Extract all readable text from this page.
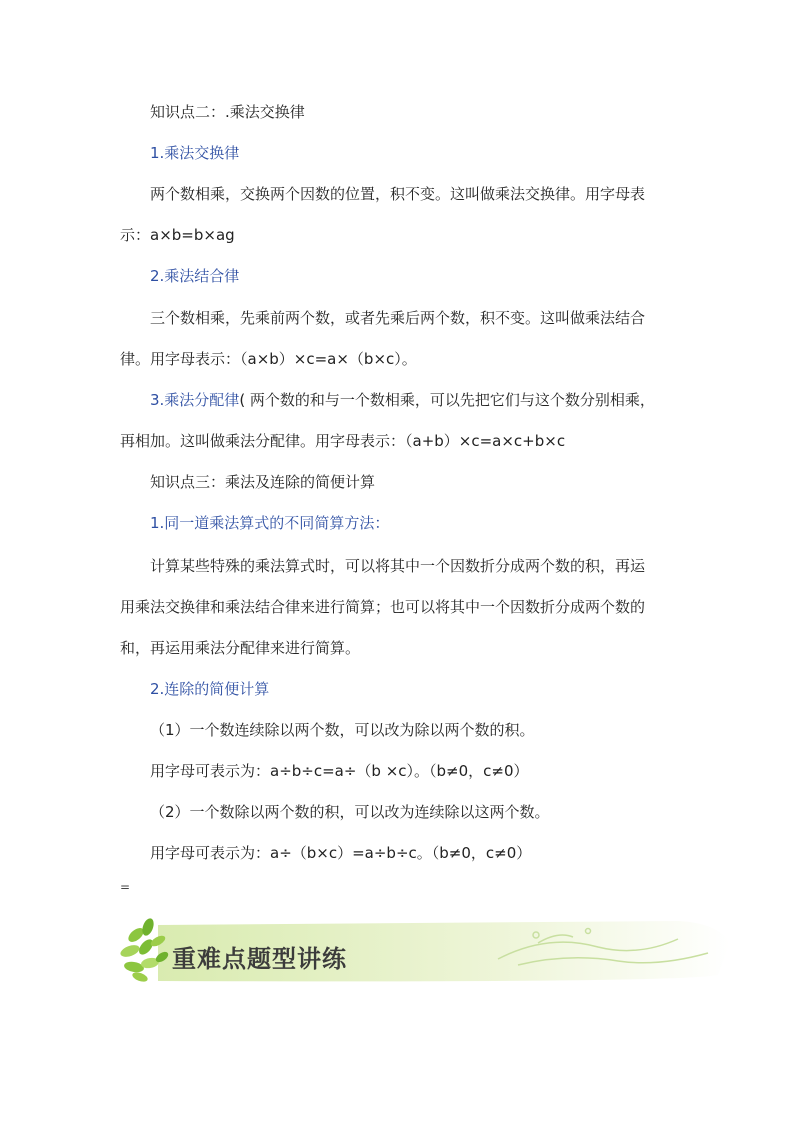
知识点二：.乘法交换律
1.乘法交换律
两个数相乘，交换两个因数的位置，积不变。这叫做乘法交换律。用字母表
示：a×b=b×ag
2.乘法结合律
三个数相乘，先乘前两个数，或者先乘后两个数，积不变。这叫做乘法结合
律。用字母表示：（a×b）×c=a×（b×c）。
3.乘法分配律( 两个数的和与一个数相乘，可以先把它们与这个数分别相乘，
再相加。这叫做乘法分配律。用字母表示：（a+b）×c=a×c+b×c
知识点三：乘法及连除的简便计算
1.同一道乘法算式的不同简算方法：
计算某些特殊的乘法算式时，可以将其中一个因数折分成两个数的积，再运
用乘法交换律和乘法结合律来进行简算；也可以将其中一个因数折分成两个数的
和，再运用乘法分配律来进行简算。
2.连除的简便计算
（1）一个数连续除以两个数，可以改为除以两个数的积。
用字母可表示为：a÷b÷c=a÷（b ×c）。（b≠0，c≠0）
（2）一个数除以两个数的积，可以改为连续除以这两个数。
用字母可表示为：a÷（b×c）=a÷b÷c。（b≠0，c≠0）
=
重难点题型讲练
